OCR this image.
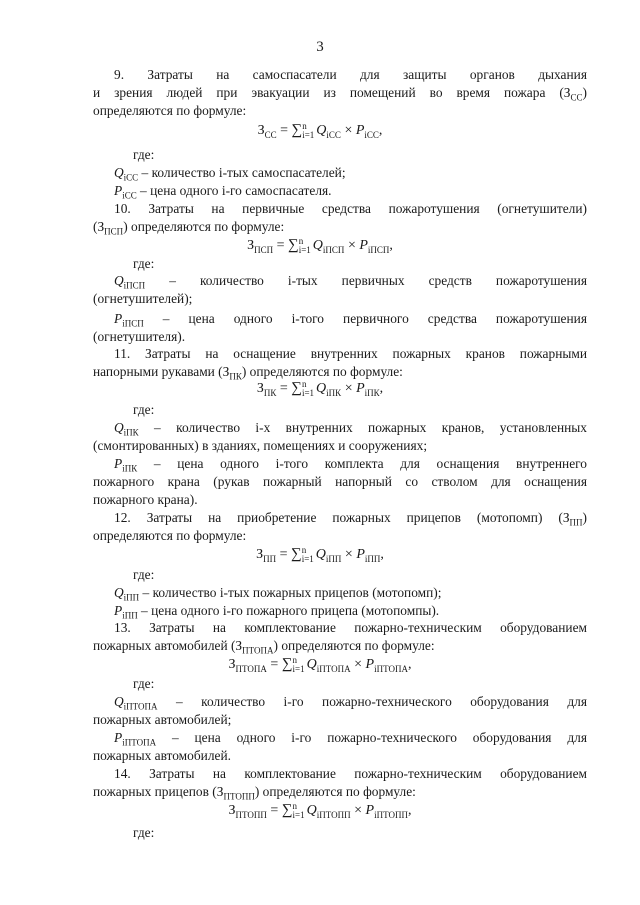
3
9. Затраты на самоспасатели для защиты органов дыхания
и зрения людей при эвакуации из помещений во время пожара $(З_{СС})$
определяются по формуле:
$З_{СС}$ = ∑ n
i=1 $Q_{iСС} \times P_{iСС}$,
где:
$Q_{iСС}$ – количество i-тых самоспасателей;
$P_{iСС}$ – цена одного i-го самоспасателя.
10. Затраты на первичные средства пожаротушения (огнетушители)
$(З_{ПСП})$ определяются по формуле:
$З_{ПСП}$ = ∑ n
i=1 $Q_{iПСП} \times P_{iПСП}$,
где:
$Q_{iПСП}$ – количество i-тых первичных средств пожаротушения
(огнетушителей);
$P_{iПСП}$ – цена одного i-того первичного средства пожаротушения
(огнетушителя).
11. Затраты на оснащение внутренних пожарных кранов пожарными
напорными рукавами $(З_{ПК})$ определяются по формуле:
$З_{ПК}$ = ∑ n
i=1 $Q_{iПК} \times P_{iПК}$,
где:
$Q_{iПК}$ – количество i-х внутренних пожарных кранов, установленных
(смонтированных) в зданиях, помещениях и сооружениях;
$P_{iПК}$ – цена одного i-того комплекта для оснащения внутреннего
пожарного крана (рукав пожарный напорный со стволом для оснащения
пожарного крана).
12. Затраты на приобретение пожарных прицепов (мотопомп) $(З_{ПП})$
определяются по формуле:
$З_{ПП}$ = ∑ n
i=1 $Q_{iПП} \times P_{iПП}$,
где:
$Q_{iПП}$ – количество i-тых пожарных прицепов (мотопомп);
$P_{iПП}$ – цена одного i-го пожарного прицепа (мотопомпы).
13. Затраты на комплектование пожарно-техническим оборудованием
пожарных автомобилей $(З_{ПТОПА})$ определяются по формуле:
$З_{ПТОПА}$ = ∑ n
i=1 $Q_{iПТОПА} \times P_{iПТОПА}$,
где:
$Q_{iПТОПА}$ – количество i-го пожарно-технического оборудования для
пожарных автомобилей;
$P_{iПТОПА}$ – цена одного i-го пожарно-технического оборудования для
пожарных автомобилей.
14. Затраты на комплектование пожарно-техническим оборудованием
пожарных прицепов $(З_{ПТОПП})$ определяются по формуле:
$З_{ПТОПП}$ = ∑ n
i=1 $Q_{iПТОПП} \times P_{iПТОПП}$,
где:
